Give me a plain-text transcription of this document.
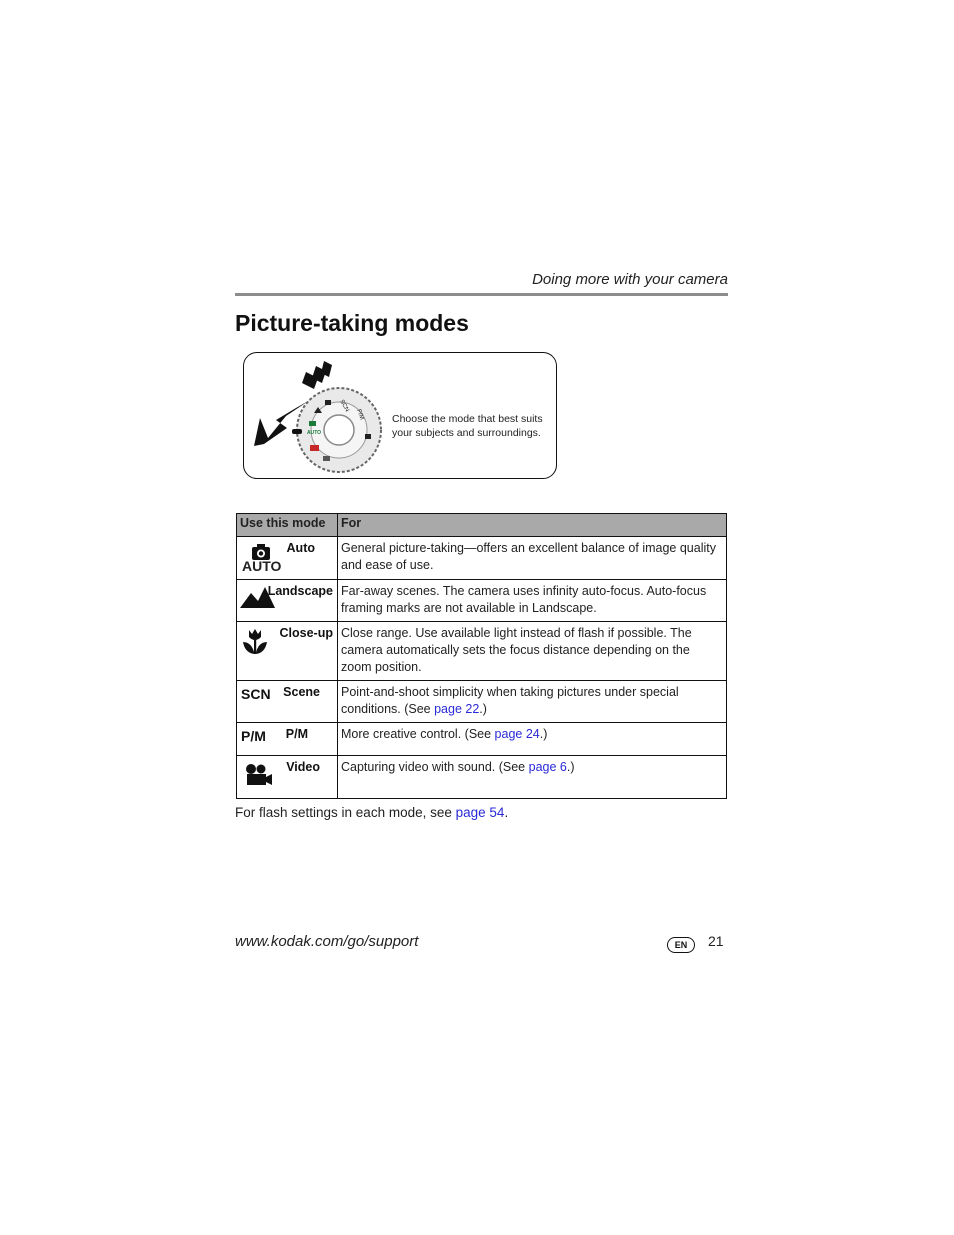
Doing more with your camera
Picture-taking modes
AUTO
SCN
P/M	Choose the mode that best suits your subjects and surroundings.
Use this mode	For

AUTO
Auto	General picture-taking—offers an excellent balance of image quality and ease of use.

Landscape	Far-away scenes. The camera uses infinity auto-focus. Auto-focus framing marks are not available in Landscape.

Close-up	Close range. Use available light instead of flash if possible. The camera automatically sets the focus distance depending on the zoom position.

SCN Scene	Point-and-shoot simplicity when taking pictures under special conditions. (See page 22.)

P/M P/M	More creative control. (See page 24.)

Video	Capturing video with sound. (See page 6.)
For flash settings in each mode, see page 54.
www.kodak.com/go/support	EN	21
